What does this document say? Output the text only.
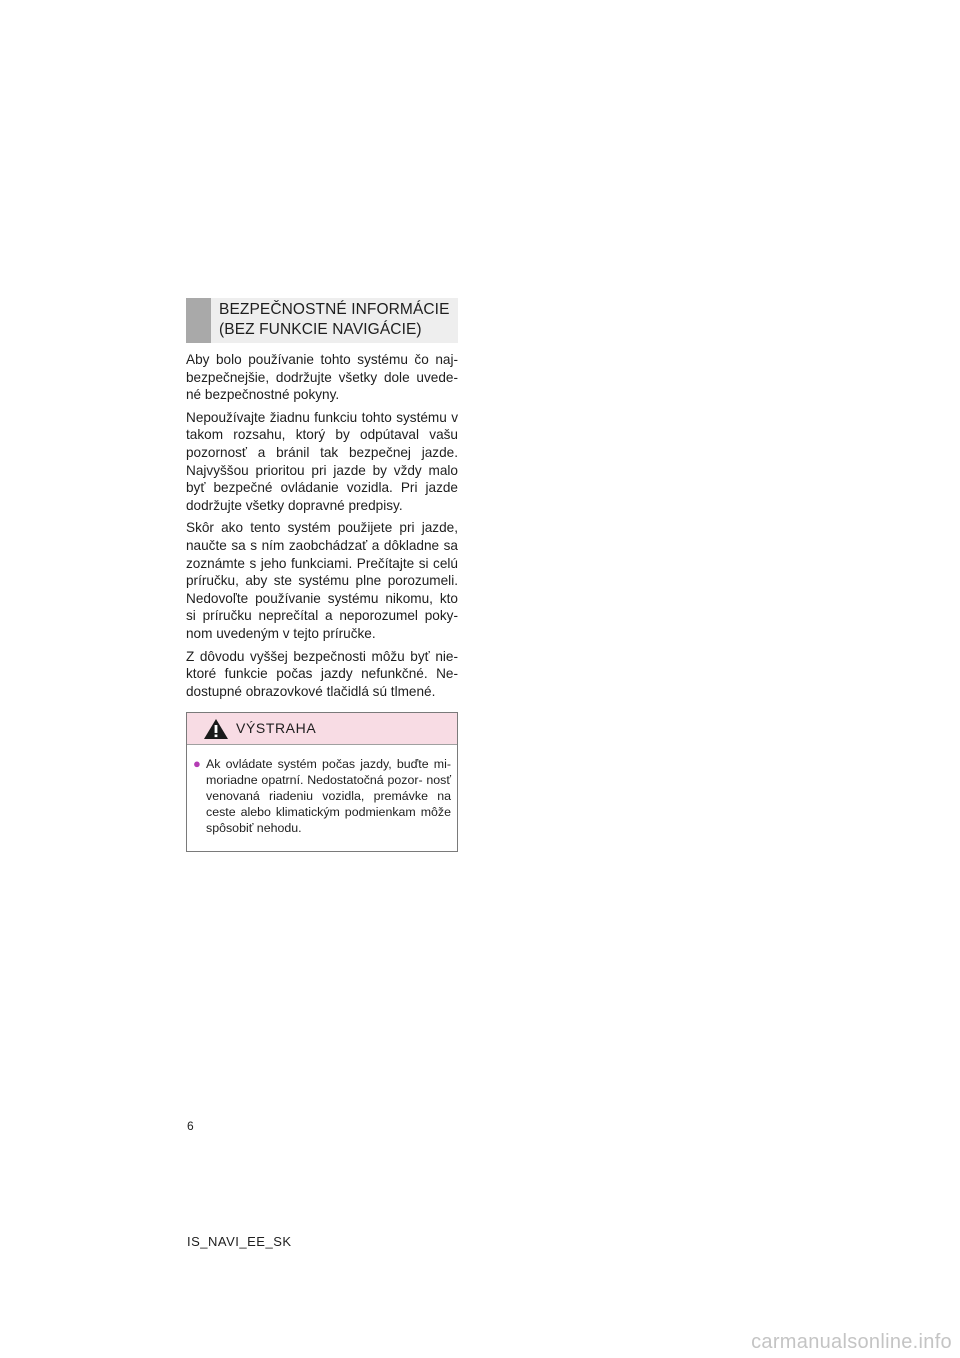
BEZPEČNOSTNÉ INFORMÁCIE
(BEZ FUNKCIE NAVIGÁCIE)

Aby bolo používanie tohto systému čo naj- bezpečnejšie, dodržujte všetky dole uvede- né bezpečnostné pokyny.

Nepoužívajte žiadnu funkciu tohto systému v takom rozsahu, ktorý by odpútaval vašu pozornosť a bránil tak bezpečnej jazde. Najvyššou prioritou pri jazde by vždy malo byť bezpečné ovládanie vozidla. Pri jazde dodržujte všetky dopravné predpisy.

Skôr ako tento systém použijete pri jazde, naučte sa s ním zaobchádzať a dôkladne sa zoznámte s jeho funkciami. Prečítajte si celú príručku, aby ste systému plne porozumeli. Nedovoľte používanie systému nikomu, kto si príručku neprečítal a neporozumel poky- nom uvedeným v tejto príručke.

Z dôvodu vyššej bezpečnosti môžu byť nie- ktoré funkcie počas jazdy nefunkčné. Ne- dostupné obrazovkové tlačidlá sú tlmené.

VÝSTRAHA
● Ak ovládate systém počas jazdy, buďte mi- moriadne opatrní. Nedostatočná pozor- nosť venovaná riadeniu vozidla, premávke na ceste alebo klimatickým podmienkam môže spôsobiť nehodu.
6
IS_NAVI_EE_SK
carmanualsonline.info
